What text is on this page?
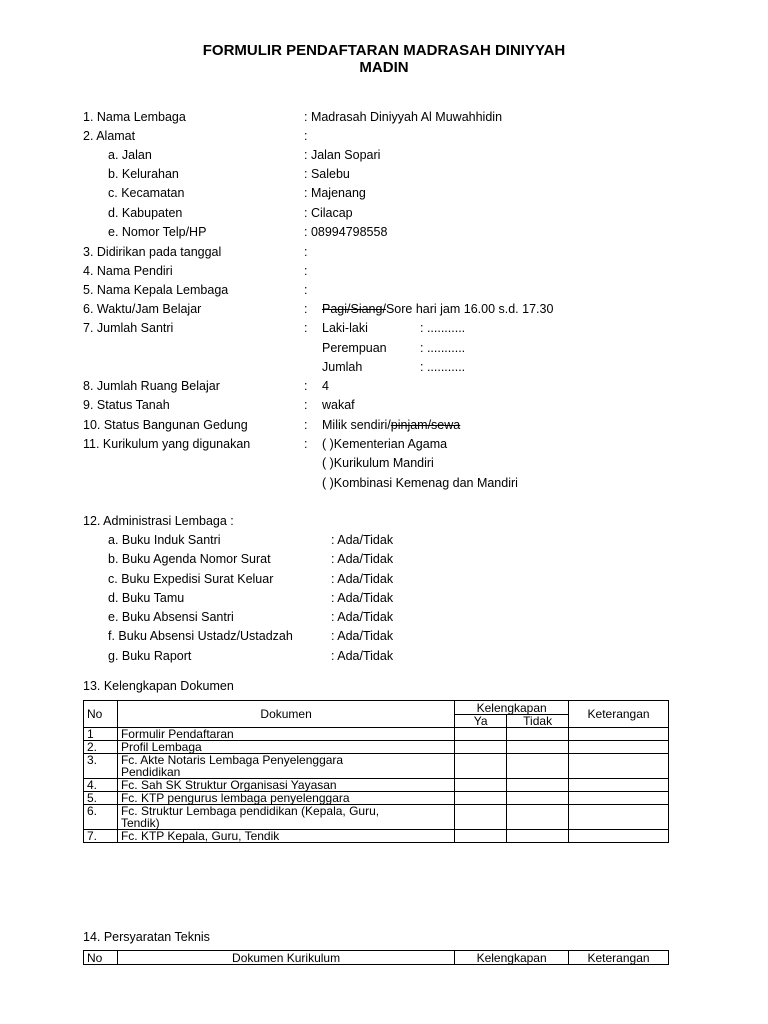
FORMULIR PENDAFTARAN MADRASAH DINIYYAH
MADIN
1. Nama Lembaga	: Madrasah Diniyyah Al Muwahhidin
2. Alamat	:
a. Jalan	: Jalan Sopari
b. Kelurahan	: Salebu
c. Kecamatan	: Majenang
d. Kabupaten	: Cilacap
e. Nomor Telp/HP	: 08994798558
3. Didirikan pada tanggal	:
4. Nama Pendiri	:
5. Nama Kepala Lembaga	:
6. Waktu/Jam Belajar	: Pagi/Siang/Sore hari jam 16.00 s.d. 17.30
7. Jumlah Santri	: Laki-laki	: ...........
Perempuan	: ...........
Jumlah	: ...........
8. Jumlah Ruang Belajar	: 4
9. Status Tanah	: wakaf
10. Status Bangunan Gedung	: Milik sendiri/pinjam/sewa
11. Kurikulum yang digunakan	: ( )Kementerian Agama
( )Kurikulum Mandiri
( )Kombinasi Kemenag dan Mandiri
12. Administrasi Lembaga :
a. Buku Induk Santri	: Ada/Tidak
b. Buku Agenda Nomor Surat	: Ada/Tidak
c. Buku Expedisi Surat Keluar	: Ada/Tidak
d. Buku Tamu	: Ada/Tidak
e. Buku Absensi Santri	: Ada/Tidak
f. Buku Absensi Ustadz/Ustadzah	: Ada/Tidak
g. Buku Raport	: Ada/Tidak
13. Kelengkapan Dokumen
No	Dokumen	Kelengkapan		Keterangan
		Ya	Tidak	
1	Formulir Pendaftaran			
2.	Profil Lembaga			
3.	Fc. Akte Notaris Lembaga Penyelenggara Pendidikan			
4.	Fc. Sah SK Struktur Organisasi Yayasan			
5.	Fc. KTP pengurus lembaga penyelenggara			
6.	Fc. Struktur Lembaga pendidikan (Kepala, Guru, Tendik)			
7.	Fc. KTP Kepala, Guru, Tendik			
14. Persyaratan Teknis
No	Dokumen Kurikulum	Kelengkapan	Keterangan
